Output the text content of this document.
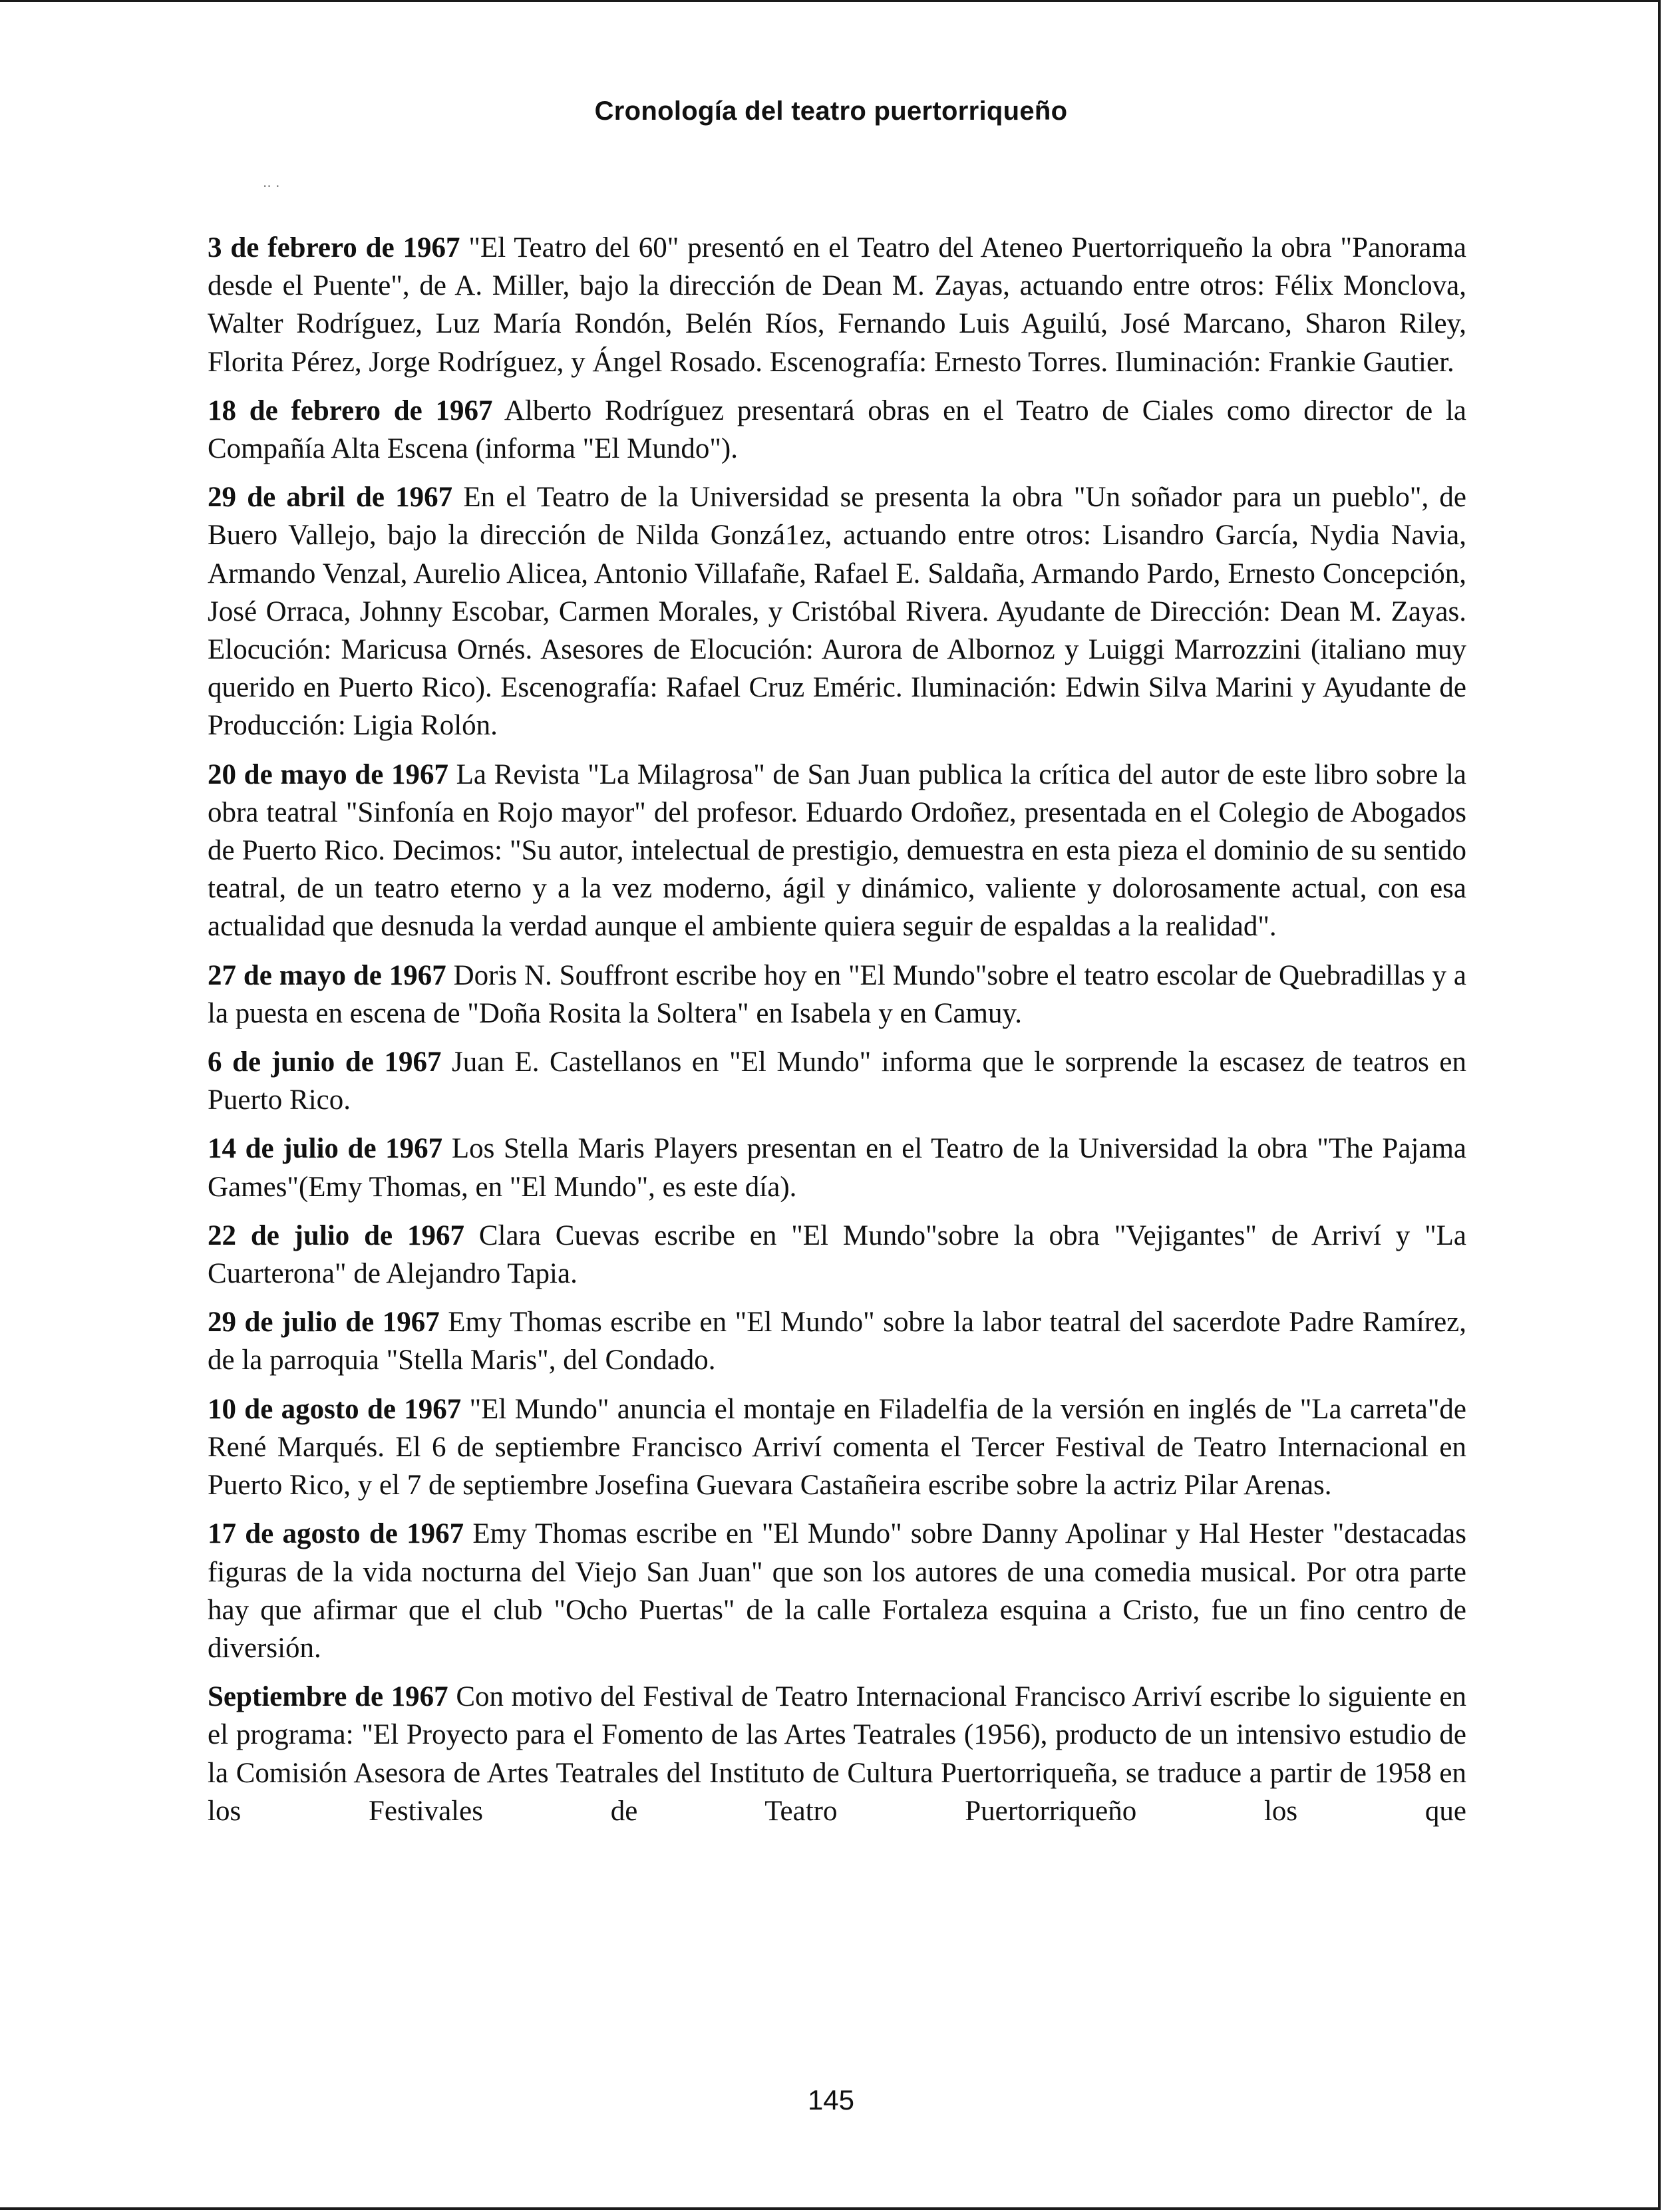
Cronología del teatro puertorriqueño
·· ·

3 de febrero de 1967 "El Teatro del 60" presentó en el Teatro del Ateneo Puertorriqueño la obra "Panorama desde el Puente", de A. Miller, bajo la dirección de Dean M. Zayas, actuando entre otros: Félix Monclova, Walter Rodríguez, Luz María Rondón, Belén Ríos, Fernando Luis Aguilú, José Marcano, Sharon Riley, Florita Pérez, Jorge Rodríguez, y Ángel Rosado. Escenografía: Ernesto Torres. Iluminación: Frankie Gautier.

18 de febrero de 1967 Alberto Rodríguez presentará obras en el Teatro de Ciales como director de la Compañía Alta Escena (informa "El Mundo").

29 de abril de 1967 En el Teatro de la Universidad se presenta la obra "Un soñador para un pueblo", de Buero Vallejo, bajo la dirección de Nilda Gonzá1ez, actuando entre otros: Lisandro García, Nydia Navia, Armando Venzal, Aurelio Alicea, Antonio Villafañe, Rafael E. Saldaña, Armando Pardo, Ernesto Concepción, José Orraca, Johnny Escobar, Carmen Morales, y Cristóbal Rivera. Ayudante de Dirección: Dean M. Zayas. Elocución: Maricusa Ornés. Asesores de Elocución: Aurora de Albornoz y Luiggi Marrozzini (italiano muy querido en Puerto Rico). Escenografía: Rafael Cruz Eméric. Iluminación: Edwin Silva Marini y Ayudante de Producción: Ligia Rolón.

20 de mayo de 1967 La Revista "La Milagrosa" de San Juan publica la crítica del autor de este libro sobre la obra teatral "Sinfonía en Rojo mayor" del profesor. Eduardo Ordoñez, presentada en el Colegio de Abogados de Puerto Rico. Decimos: "Su autor, intelectual de prestigio, demuestra en esta pieza el dominio de su sentido teatral, de un teatro eterno y a la vez moderno, ágil y dinámico, valiente y dolorosamente actual, con esa actualidad que desnuda la verdad aunque el ambiente quiera seguir de espaldas a la realidad".

27 de mayo de 1967 Doris N. Souffront escribe hoy en "El Mundo"sobre el teatro escolar de Quebradillas y a la puesta en escena de "Doña Rosita la Soltera" en Isabela y en Camuy.

6 de junio de 1967 Juan E. Castellanos en "El Mundo" informa que le sorprende la escasez de teatros en Puerto Rico.

14 de julio de 1967 Los Stella Maris Players presentan en el Teatro de la Universidad la obra "The Pajama Games"(Emy Thomas, en "El Mundo", es este día).

22 de julio de 1967 Clara Cuevas escribe en "El Mundo"sobre la obra "Vejigantes" de Arriví y "La Cuarterona" de Alejandro Tapia.

29 de julio de 1967 Emy Thomas escribe en "El Mundo" sobre la labor teatral del sacerdote Padre Ramírez, de la parroquia "Stella Maris", del Condado.

10 de agosto de 1967 "El Mundo" anuncia el montaje en Filadelfia de la versión en inglés de "La carreta"de René Marqués. El 6 de septiembre Francisco Arriví comenta el Tercer Festival de Teatro Internacional en Puerto Rico, y el 7 de septiembre Josefina Guevara Castañeira escribe sobre la actriz Pilar Arenas.

17 de agosto de 1967 Emy Thomas escribe en "El Mundo" sobre Danny Apolinar y Hal Hester "destacadas figuras de la vida nocturna del Viejo San Juan" que son los autores de una comedia musical. Por otra parte hay que afirmar que el club "Ocho Puertas" de la calle Fortaleza esquina a Cristo, fue un fino centro de diversión.

Septiembre de 1967 Con motivo del Festival de Teatro Internacional Francisco Arriví escribe lo siguiente en el programa: "El Proyecto para el Fomento de las Artes Teatrales (1956), producto de un intensivo estudio de la Comisión Asesora de Artes Teatrales del Instituto de Cultura Puertorriqueña, se traduce a partir de 1958 en los Festivales de Teatro Puertorriqueño los que

145
